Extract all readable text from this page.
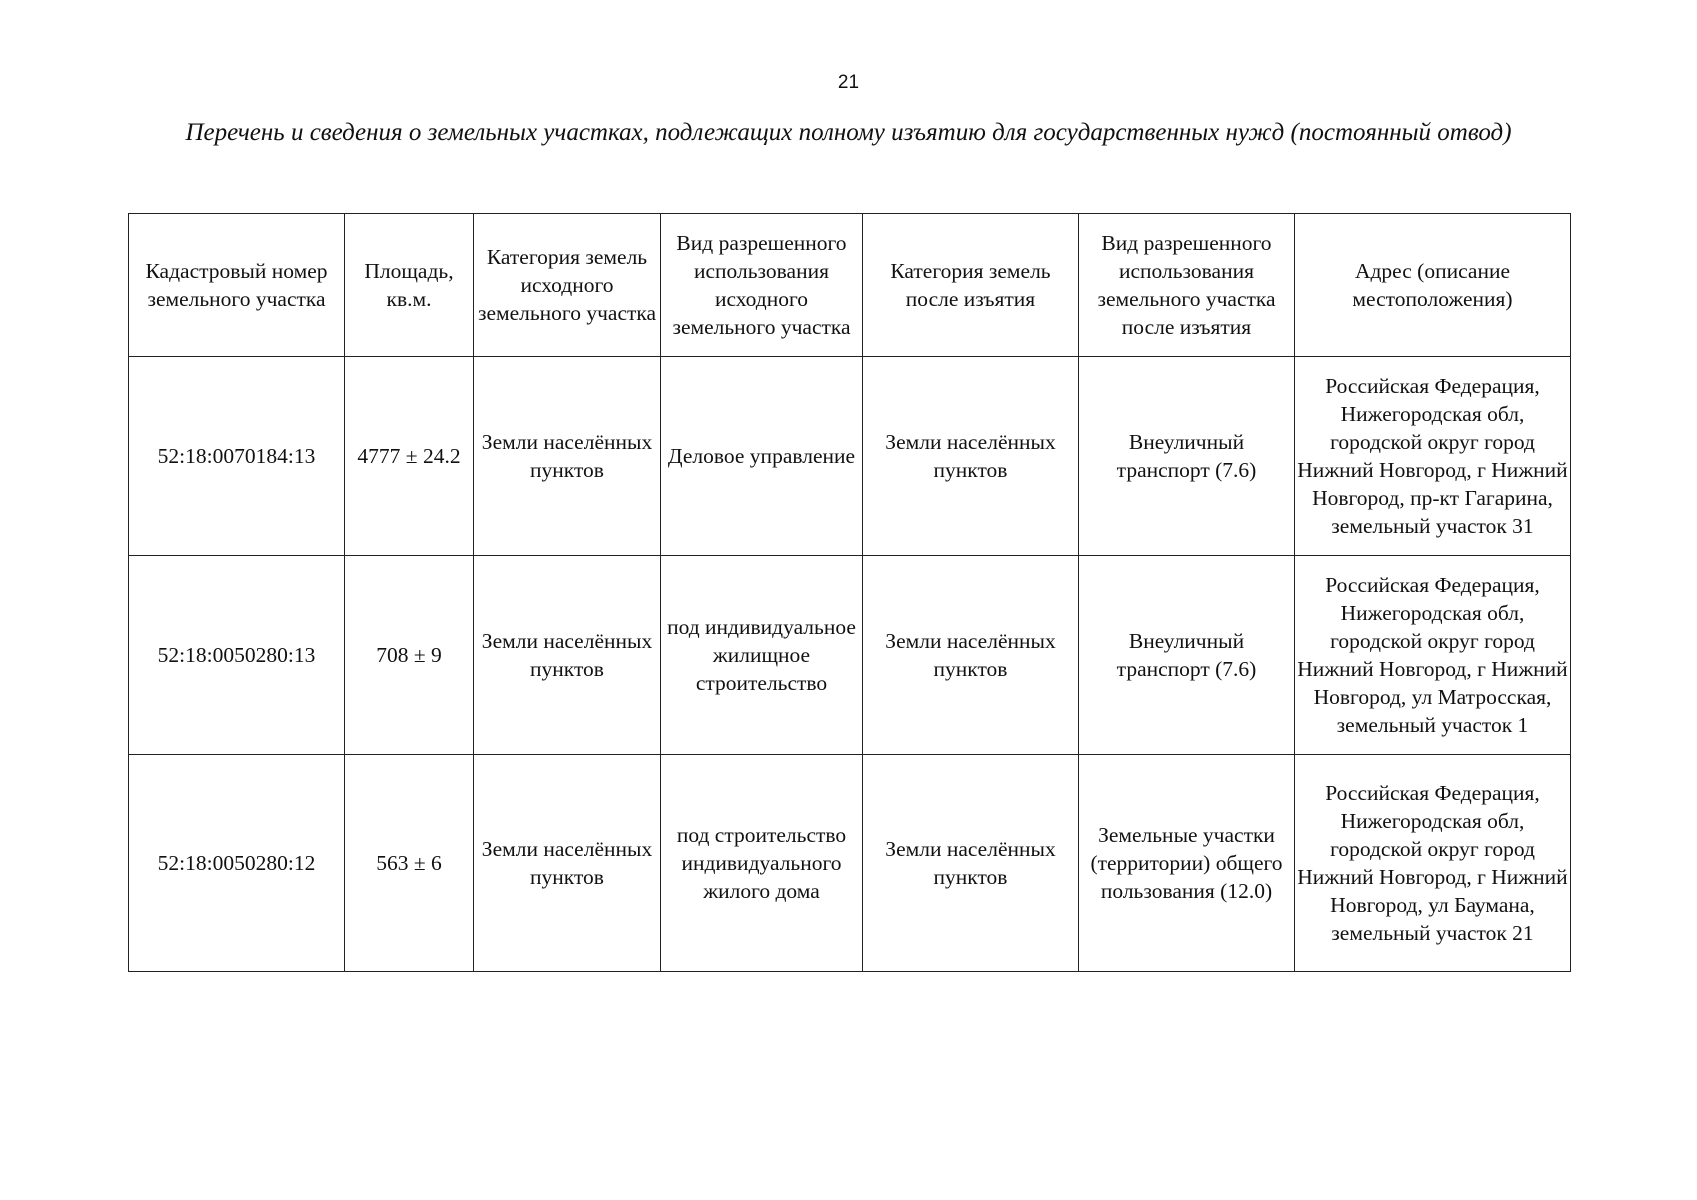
21
Перечень и сведения о земельных участках, подлежащих полному изъятию для государственных нужд (постоянный отвод)
Кадастровый номер земельного участка	Площадь, кв.м.	Категория земель исходного земельного участка	Вид разрешенного использования исходного земельного участка	Категория земель после изъятия	Вид разрешенного использования земельного участка после изъятия	Адрес (описание местоположения)
52:18:0070184:13	4777 ± 24.2	Земли населённых пунктов	Деловое управление	Земли населённых пунктов	Внеуличный транспорт (7.6)	Российская Федерация, Нижегородская обл, городской округ город Нижний Новгород, г Нижний Новгород, пр-кт Гагарина, земельный участок 31
52:18:0050280:13	708 ± 9	Земли населённых пунктов	под индивидуальное жилищное строительство	Земли населённых пунктов	Внеуличный транспорт (7.6)	Российская Федерация, Нижегородская обл, городской округ город Нижний Новгород, г Нижний Новгород, ул Матросская, земельный участок 1
52:18:0050280:12	563 ± 6	Земли населённых пунктов	под строительство индивидуального жилого дома	Земли населённых пунктов	Земельные участки (территории) общего пользования (12.0)	Российская Федерация, Нижегородская обл, городской округ город Нижний Новгород, г Нижний Новгород, ул Баумана, земельный участок 21
